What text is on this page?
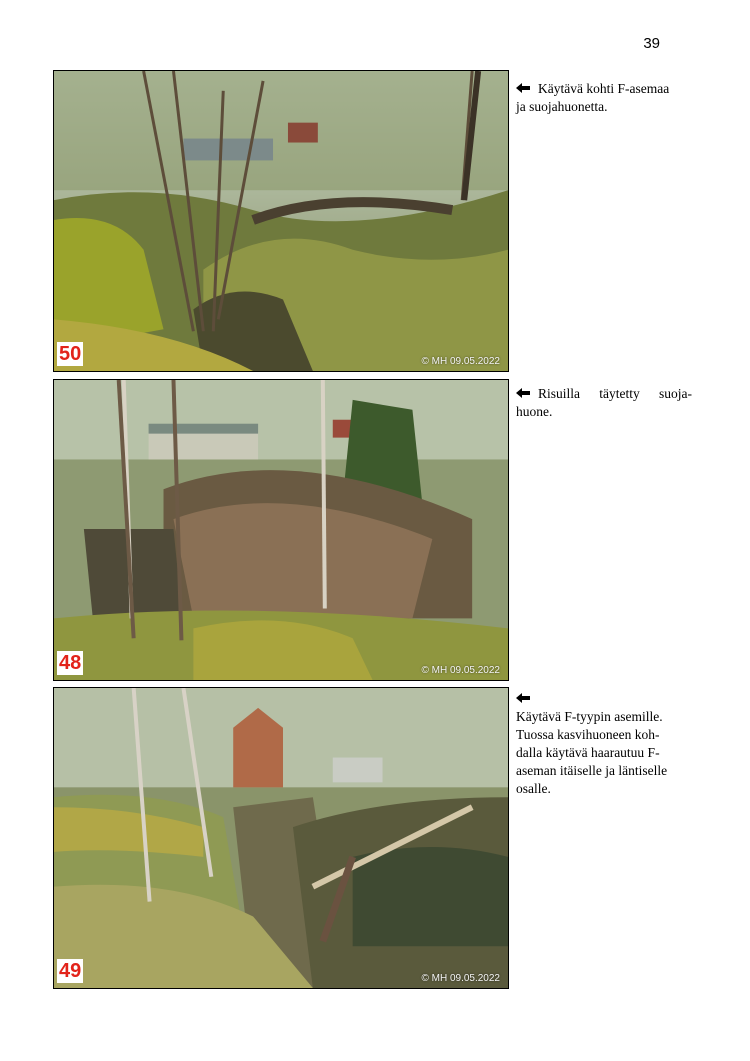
39
50	© MH 09.05.2022
Käytävä kohti F-asemaa
ja suojahuonetta.
48	© MH 09.05.2022
Risuilla täytetty suoja-
huone.
49	© MH 09.05.2022
Käytävä F-tyypin asemille.
Tuossa kasvihuoneen koh-
dalla käytävä haarautuu F-
aseman itäiselle ja läntiselle
osalle.
